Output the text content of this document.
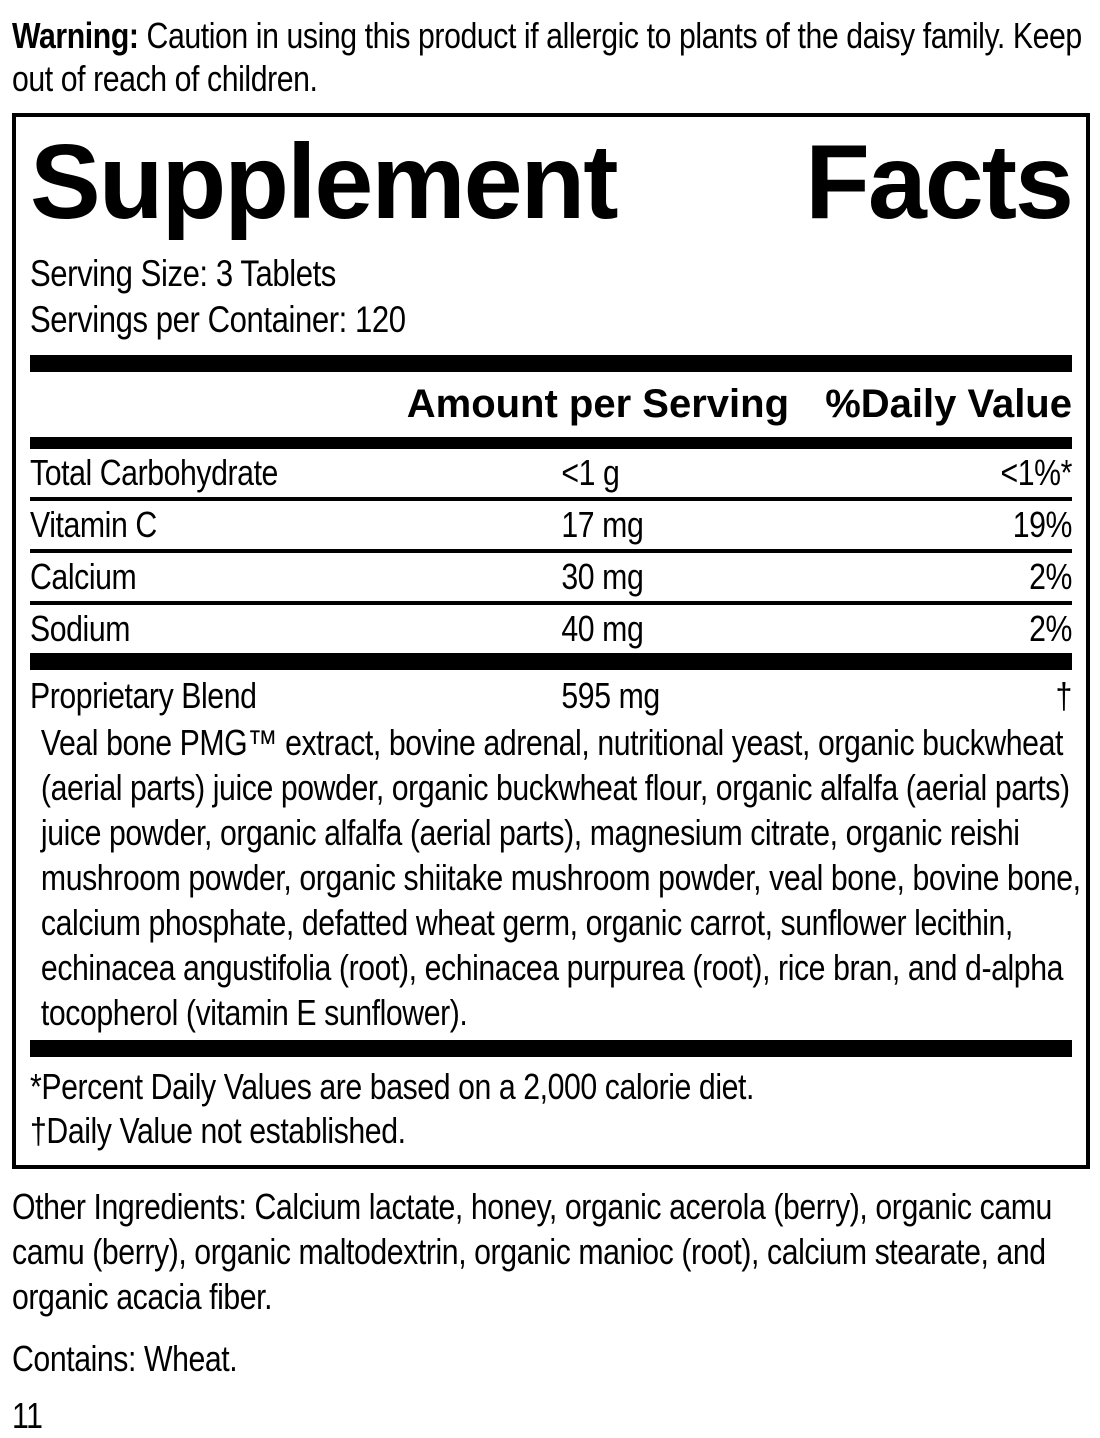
Warning: Caution in using this product if allergic to plants of the daisy family. Keep out of reach of children.

Supplement Facts
Serving Size: 3 Tablets
Servings per Container: 120
Amount per Serving %Daily Value
Total Carbohydrate	<1 g	<1%*
Vitamin C	17 mg	19%
Calcium	30 mg	2%
Sodium	40 mg	2%
Proprietary Blend	595 mg	†
Veal bone PMG™ extract, bovine adrenal, nutritional yeast, organic buckwheat (aerial parts) juice powder, organic buckwheat flour, organic alfalfa (aerial parts) juice powder, organic alfalfa (aerial parts), magnesium citrate, organic reishi mushroom powder, organic shiitake mushroom powder, veal bone, bovine bone, calcium phosphate, defatted wheat germ, organic carrot, sunflower lecithin, echinacea angustifolia (root), echinacea purpurea (root), rice bran, and d-alpha tocopherol (vitamin E sunflower).
*Percent Daily Values are based on a 2,000 calorie diet.
†Daily Value not established.

Other Ingredients: Calcium lactate, honey, organic acerola (berry), organic camu camu (berry), organic maltodextrin, organic manioc (root), calcium stearate, and organic acacia fiber.

Contains: Wheat.

11
